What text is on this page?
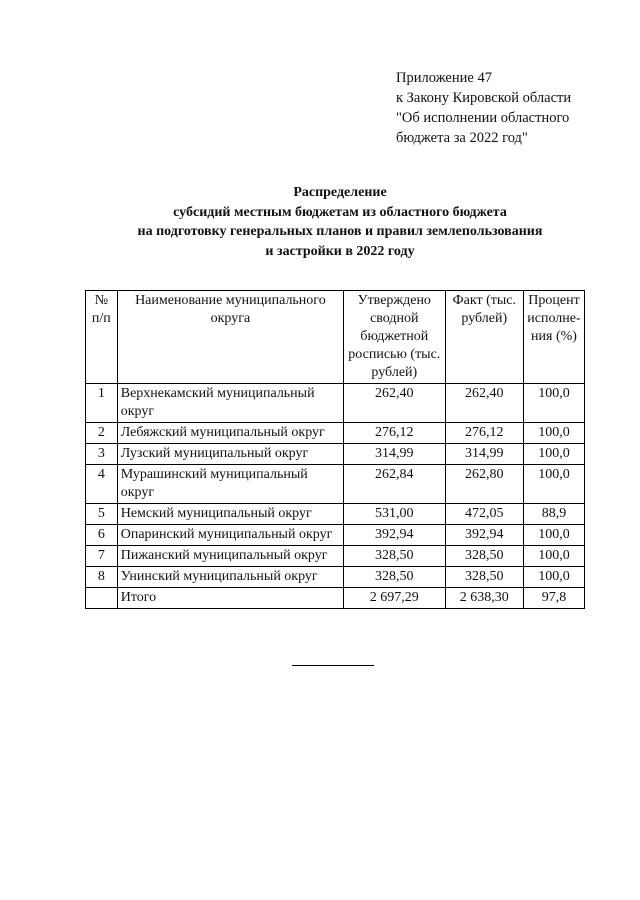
Приложение 47
к Закону Кировской области
"Об исполнении областного
бюджета за 2022 год"
Распределение
субсидий местным бюджетам из областного бюджета
на подготовку генеральных планов и правил землепользования
и застройки в 2022 году
№ п/п	Наименование муниципального округа	Утверждено сводной бюджетной росписью (тыс. рублей)	Факт (тыс. рублей)	Процент исполне- ния (%)
1	Верхнекамский муниципальный округ	262,40	262,40	100,0
2	Лебяжский муниципальный округ	276,12	276,12	100,0
3	Лузский муниципальный округ	314,99	314,99	100,0
4	Мурашинский муниципальный округ	262,84	262,80	100,0
5	Немский муниципальный округ	531,00	472,05	88,9
6	Опаринский муниципальный округ	392,94	392,94	100,0
7	Пижанский муниципальный округ	328,50	328,50	100,0
8	Унинский муниципальный округ	328,50	328,50	100,0
	Итого	2 697,29	2 638,30	97,8
